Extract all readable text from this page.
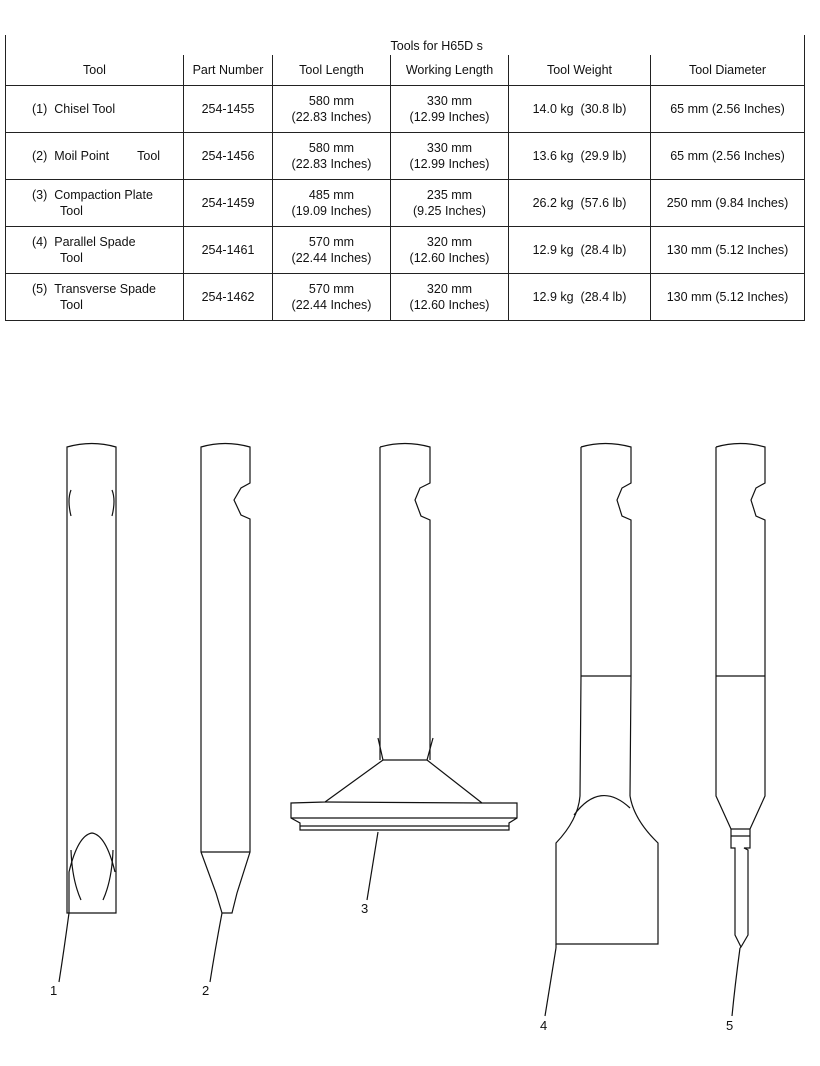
			Tools for H65D s		
Tool	Part Number	Tool Length	Working Length	Tool Weight	Tool Diameter
(1) Chisel Tool	254-1455	580 mm
(22.83 Inches)	330 mm
(12.99 Inches)	14.0 kg  (30.8 lb)	65 mm (2.56 Inches)
(2) Moil Point Tool	254-1456	580 mm
(22.83 Inches)	330 mm
(12.99 Inches)	13.6 kg  (29.9 lb)	65 mm (2.56 Inches)
(3) Compaction PlateTool	254-1459	485 mm
(19.09 Inches)	235 mm
(9.25 Inches)	26.2 kg  (57.6 lb)	250 mm (9.84 Inches)
(4) Parallel SpadeTool	254-1461	570 mm
(22.44 Inches)	320 mm
(12.60 Inches)	12.9 kg  (28.4 lb)	130 mm (5.12 Inches)
(5) Transverse SpadeTool	254-1462	570 mm
(22.44 Inches)	320 mm
(12.60 Inches)	12.9 kg  (28.4 lb)	130 mm (5.12 Inches)
1	2
3
4	5
